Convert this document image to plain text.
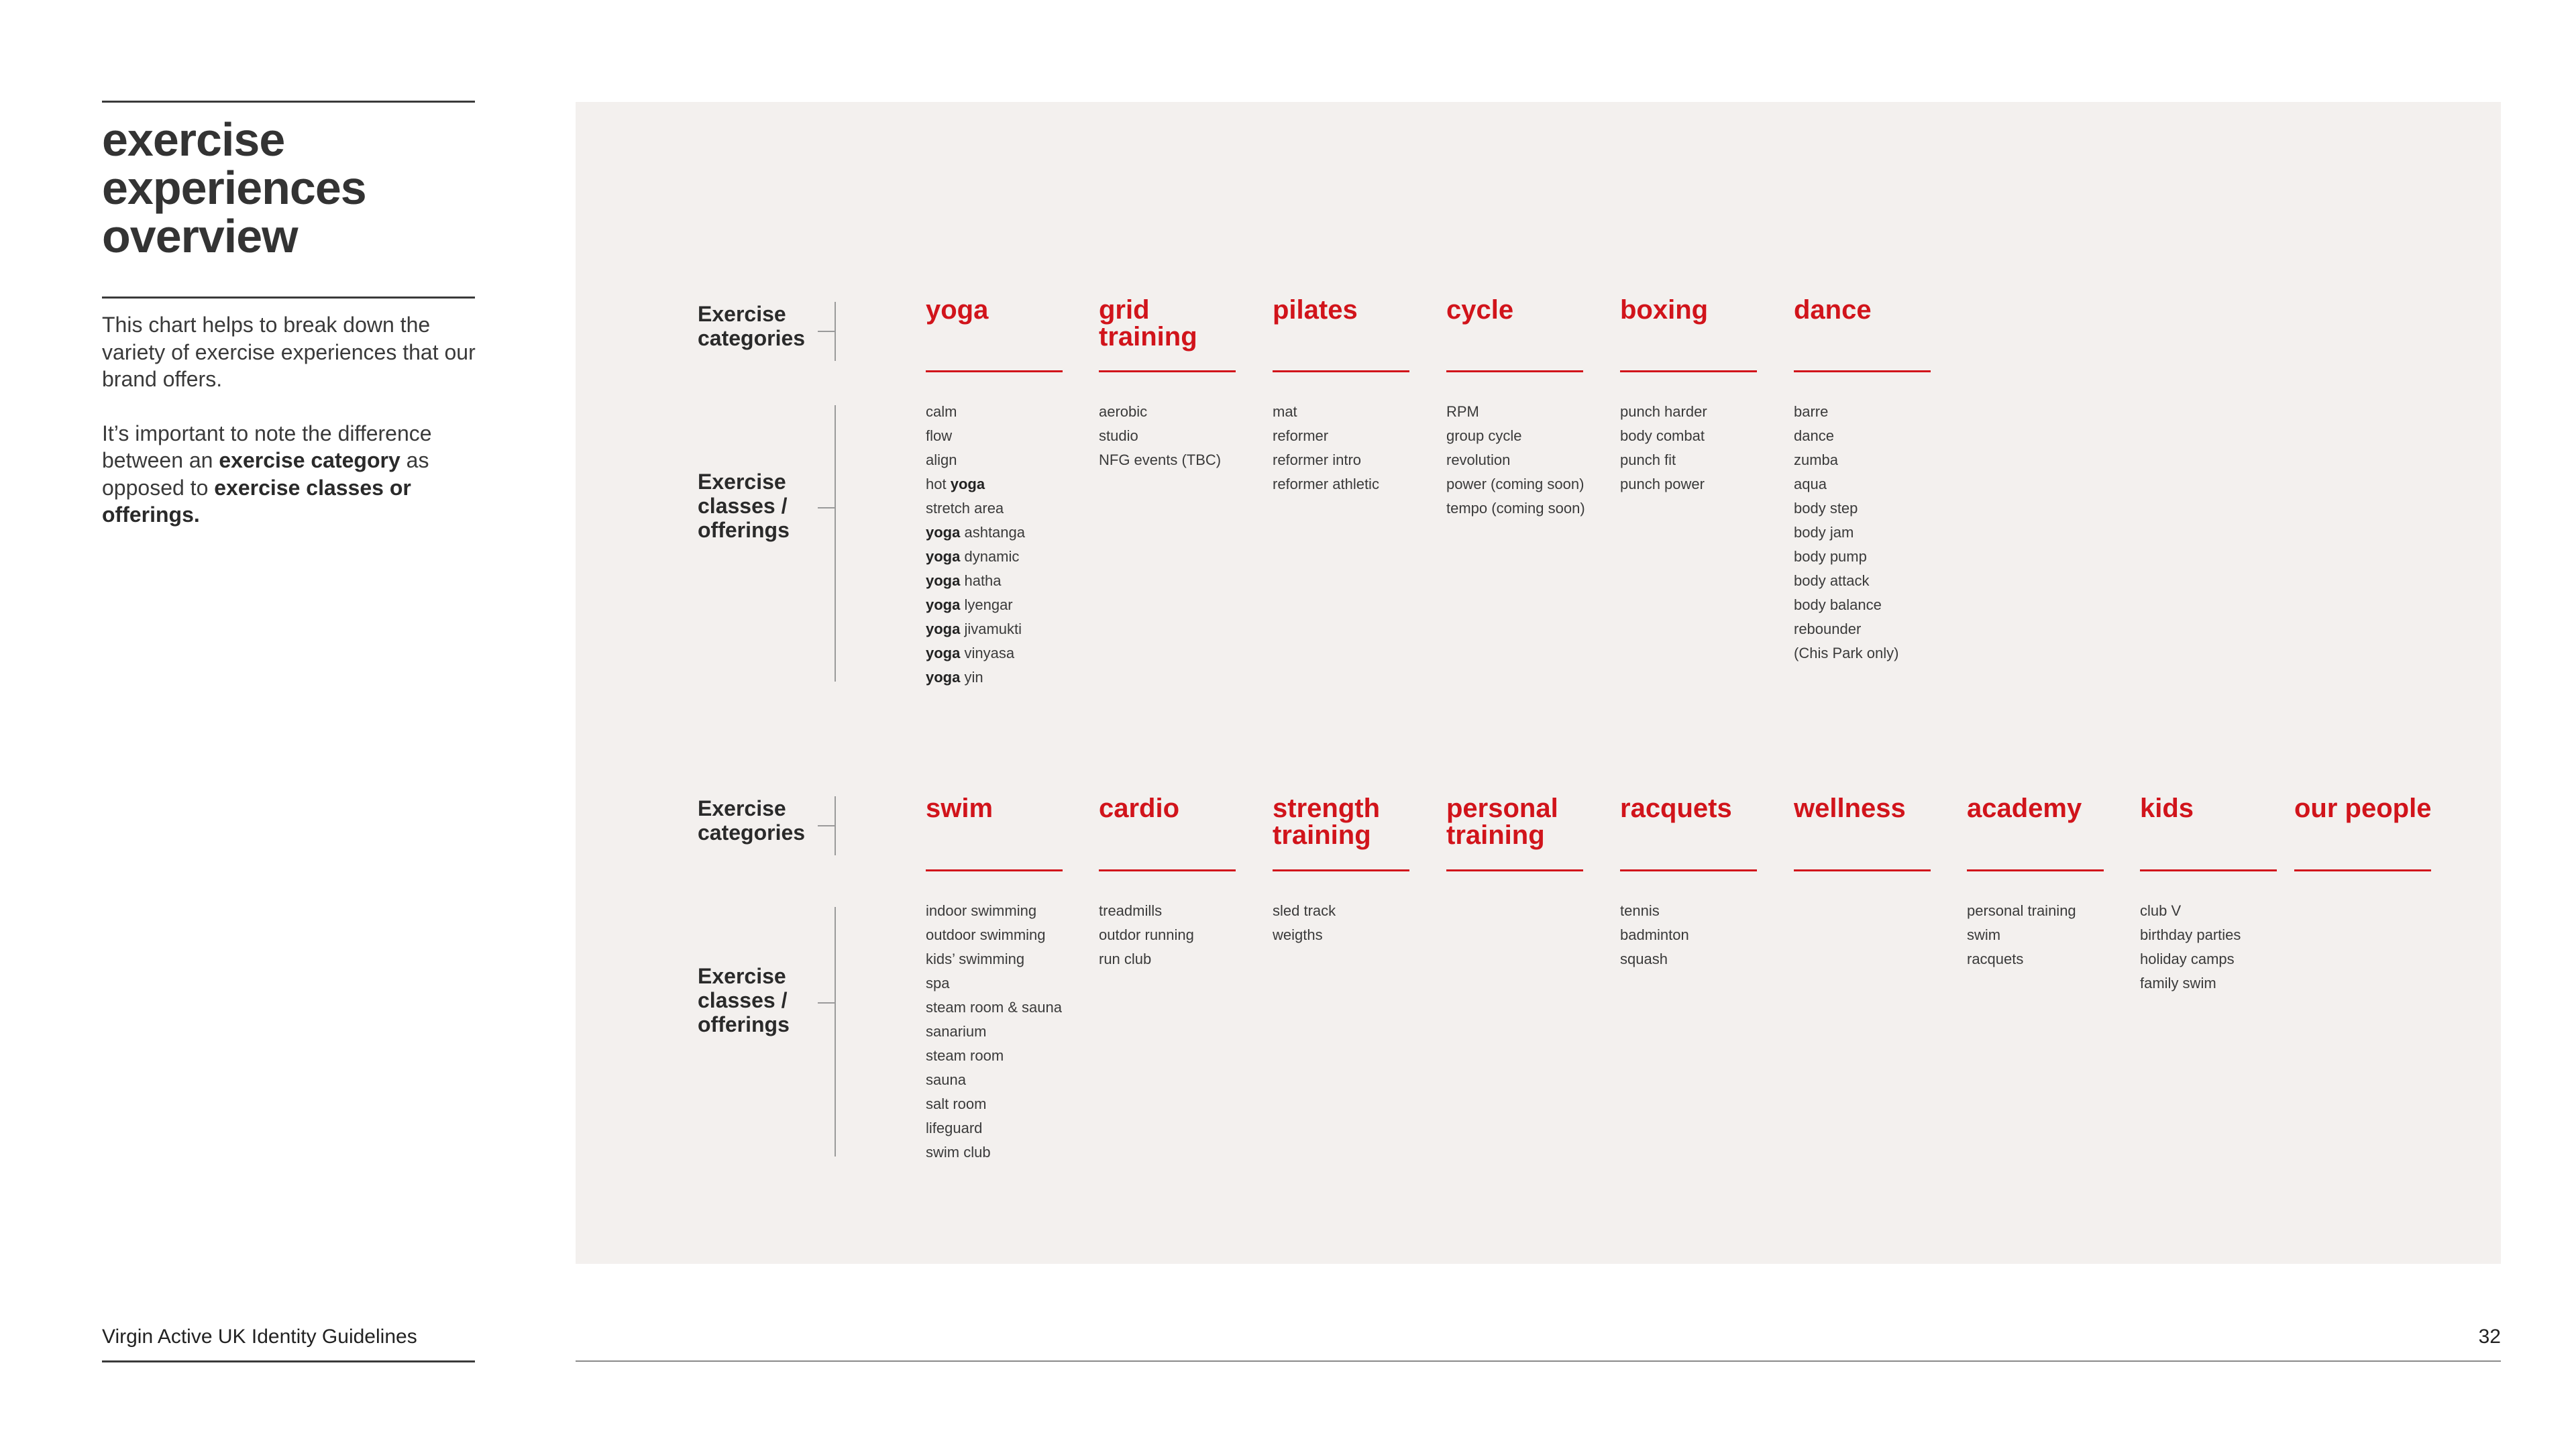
exercise
experiences
overview

This chart helps to break down the variety of exercise experiences that our brand offers.

It’s important to note the difference between an exercise category as opposed to exercise classes or offerings.

Exercise
categories
Exercise
classes /
offerings
Exercise
categories
Exercise
classes /
offerings
yoga
calm
flow
align
hot yoga
stretch area
yoga ashtanga
yoga dynamic
yoga hatha
yoga lyengar
yoga jivamukti
yoga vinyasa
yoga yin
grid
training
aerobic
studio
NFG events (TBC)
pilates
mat
reformer
reformer intro
reformer athletic
cycle
RPM
group cycle
revolution
power (coming soon)
tempo (coming soon)
boxing
punch harder
body combat
punch fit
punch power
dance
barre
dance
zumba
aqua
body step
body jam
body pump
body attack
body balance
rebounder
(Chis Park only)
swim
indoor swimming
outdoor swimming
kids’ swimming
spa
steam room & sauna
sanarium
steam room
sauna
salt room
lifeguard
swim club
cardio
treadmills
outdor running
run club
strength
training
sled track
weigths
personal
training
racquets
tennis
badminton
squash
wellness	academy
personal training
swim
racquets
kids
club V
birthday parties
holiday camps
family swim
our people
Virgin Active UK Identity Guidelines	32
